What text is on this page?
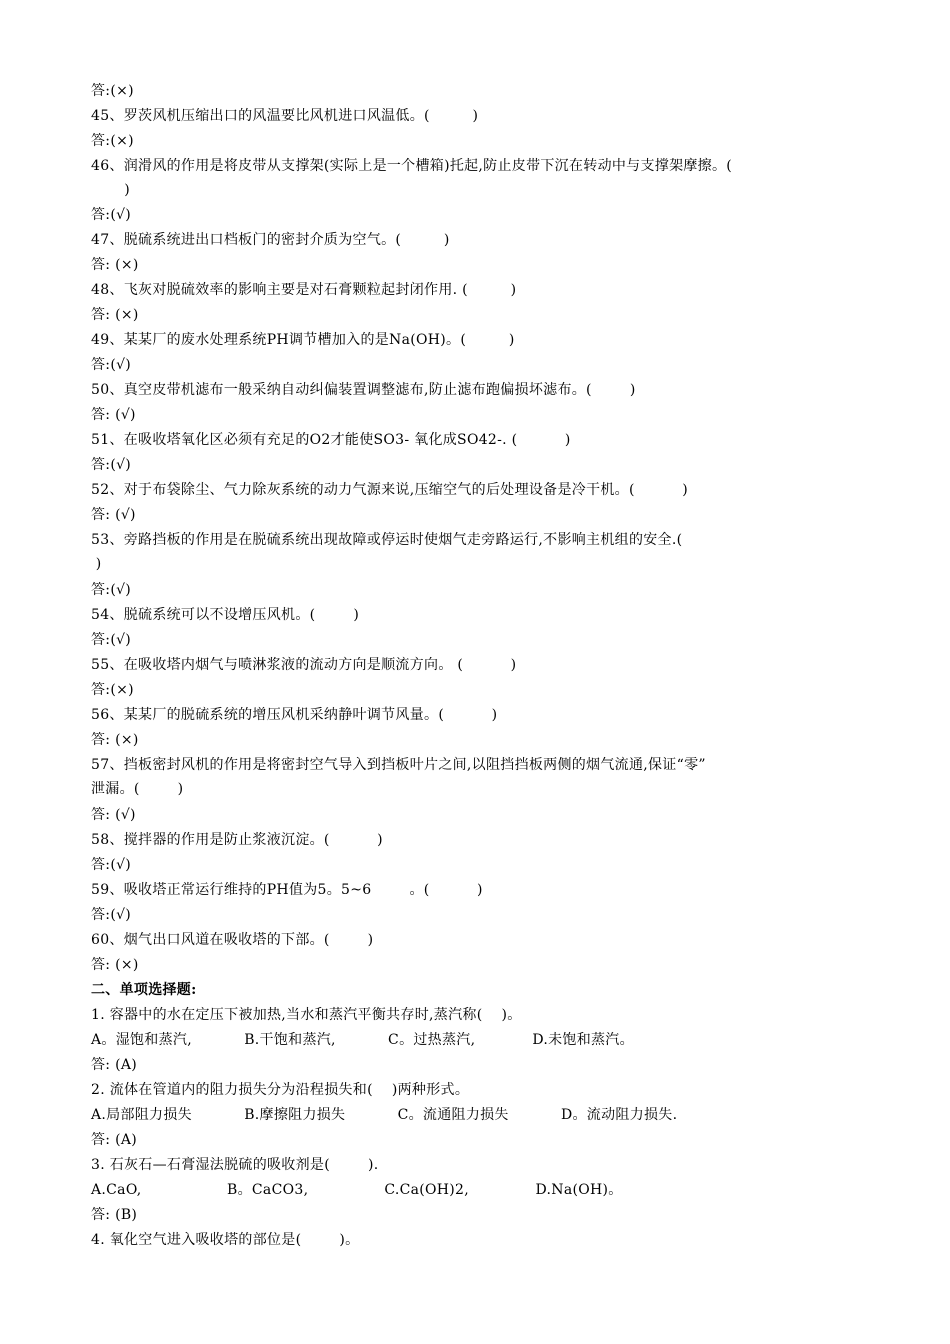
答:(×)
45、罗茨风机压缩出口的风温要比风机进口风温低。(         )
答:(×)
46、润滑风的作用是将皮带从支撑架(实际上是一个槽箱)托起,防止皮带下沉在转动中与支撑架摩擦。(
)
答:(√)
47、脱硫系统进出口档板门的密封介质为空气。(         )
答: (×)
48、飞灰对脱硫效率的影响主要是对石膏颗粒起封闭作用. (         )
答: (×)
49、某某厂的废水处理系统PH调节槽加入的是Na(OH)。(         )
答:(√)
50、真空皮带机滤布一般采纳自动纠偏装置调整滤布,防止滤布跑偏损坏滤布。(        )
答: (√)
51、在吸收塔氧化区必须有充足的O2才能使SO3- 氧化成SO42-. (          )
答:(√)
52、对于布袋除尘、气力除灰系统的动力气源来说,压缩空气的后处理设备是冷干机。(          )
答: (√)
53、旁路挡板的作用是在脱硫系统出现故障或停运时使烟气走旁路运行,不影响主机组的安全.(
)
答:(√)
54、脱硫系统可以不设增压风机。(        )
答:(√)
55、在吸收塔内烟气与喷淋浆液的流动方向是顺流方向。 (          )
答:(×)
56、某某厂的脱硫系统的增压风机采纳静叶调节风量。(          )
答: (×)
57、挡板密封风机的作用是将密封空气导入到挡板叶片之间,以阻挡挡板两侧的烟气流通,保证“零”
泄漏。(        )
答: (√)
58、搅拌器的作用是防止浆液沉淀。(          )
答:(√)
59、吸收塔正常运行维持的PH值为5。5~6        。(          )
答:(√)
60、烟气出口风道在吸收塔的下部。(        )
答: (×)
二、单项选择题:
1. 容器中的水在定压下被加热,当水和蒸汽平衡共存时,蒸汽称(    )。
A。湿饱和蒸汽,           B.干饱和蒸汽,           C。过热蒸汽,            D.未饱和蒸汽。
答: (A)
2. 流体在管道内的阻力损失分为沿程损失和(    )两种形式。
A.局部阻力损失           B.摩擦阻力损失           C。流通阻力损失           D。流动阻力损失.
答: (A)
3. 石灰石—石膏湿法脱硫的吸收剂是(        ).
A.CaO,                  B。CaCO3,                C.Ca(OH)2,              D.Na(OH)。
答: (B)
4. 氧化空气进入吸收塔的部位是(        )。
